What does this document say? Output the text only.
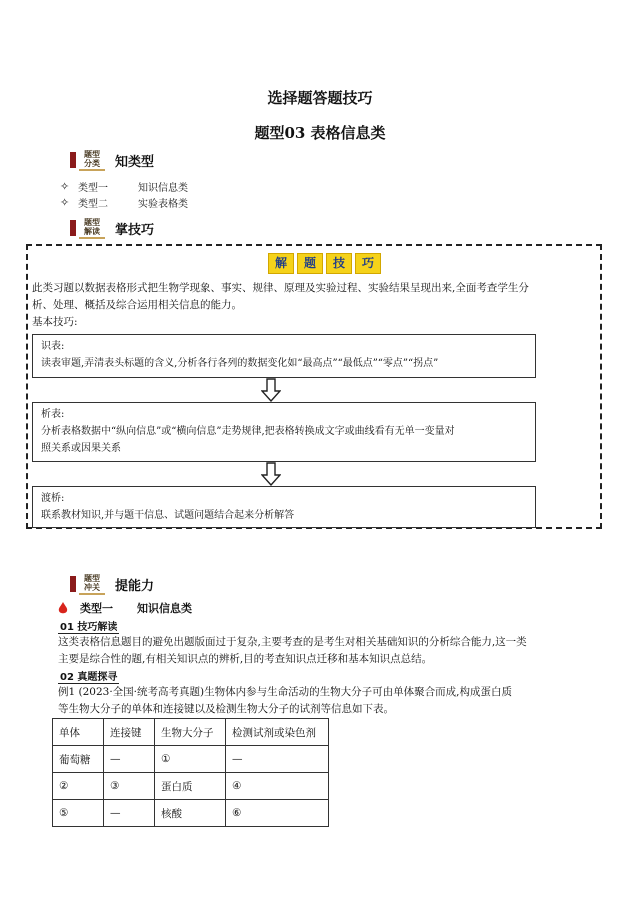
选择题答题技巧
题型03 表格信息类
题型
分类 知类型
✧ 类型一	知识信息类
✧ 类型二	实验表格类
题型
解读 掌技巧
解	题	技	巧
此类习题以数据表格形式把生物学现象、事实、规律、原理及实验过程、实验结果呈现出来,全面考查学生分
析、处理、概括及综合运用相关信息的能力。
基本技巧:
识表:
读表审题,弄清表头标题的含义,分析各行各列的数据变化如“最高点”“最低点”“零点”“拐点”
析表:
分析表格数据中“纵向信息”或“横向信息”走势规律,把表格转换成文字或曲线看有无单一变量对
照关系或因果关系
渡桥:
联系教材知识,并与题干信息、试题问题结合起来分析解答
题型
冲关 提能力
类型一 知识信息类
01 技巧解读
这类表格信息题目的避免出题版面过于复杂,主要考查的是考生对相关基础知识的分析综合能力,这一类
主要是综合性的题,有相关知识点的辨析,目的考查知识点迁移和基本知识点总结。
02 真题探寻
例1 (2023·全国·统考高考真题)生物体内参与生命活动的生物大分子可由单体聚合而成,构成蛋白质
等生物大分子的单体和连接键以及检测生物大分子的试剂等信息如下表。
单体	连接键	生物大分子	检测试剂或染色剂
葡萄糖	—	①	—
②	③	蛋白质	④
⑤	—	核酸	⑥
